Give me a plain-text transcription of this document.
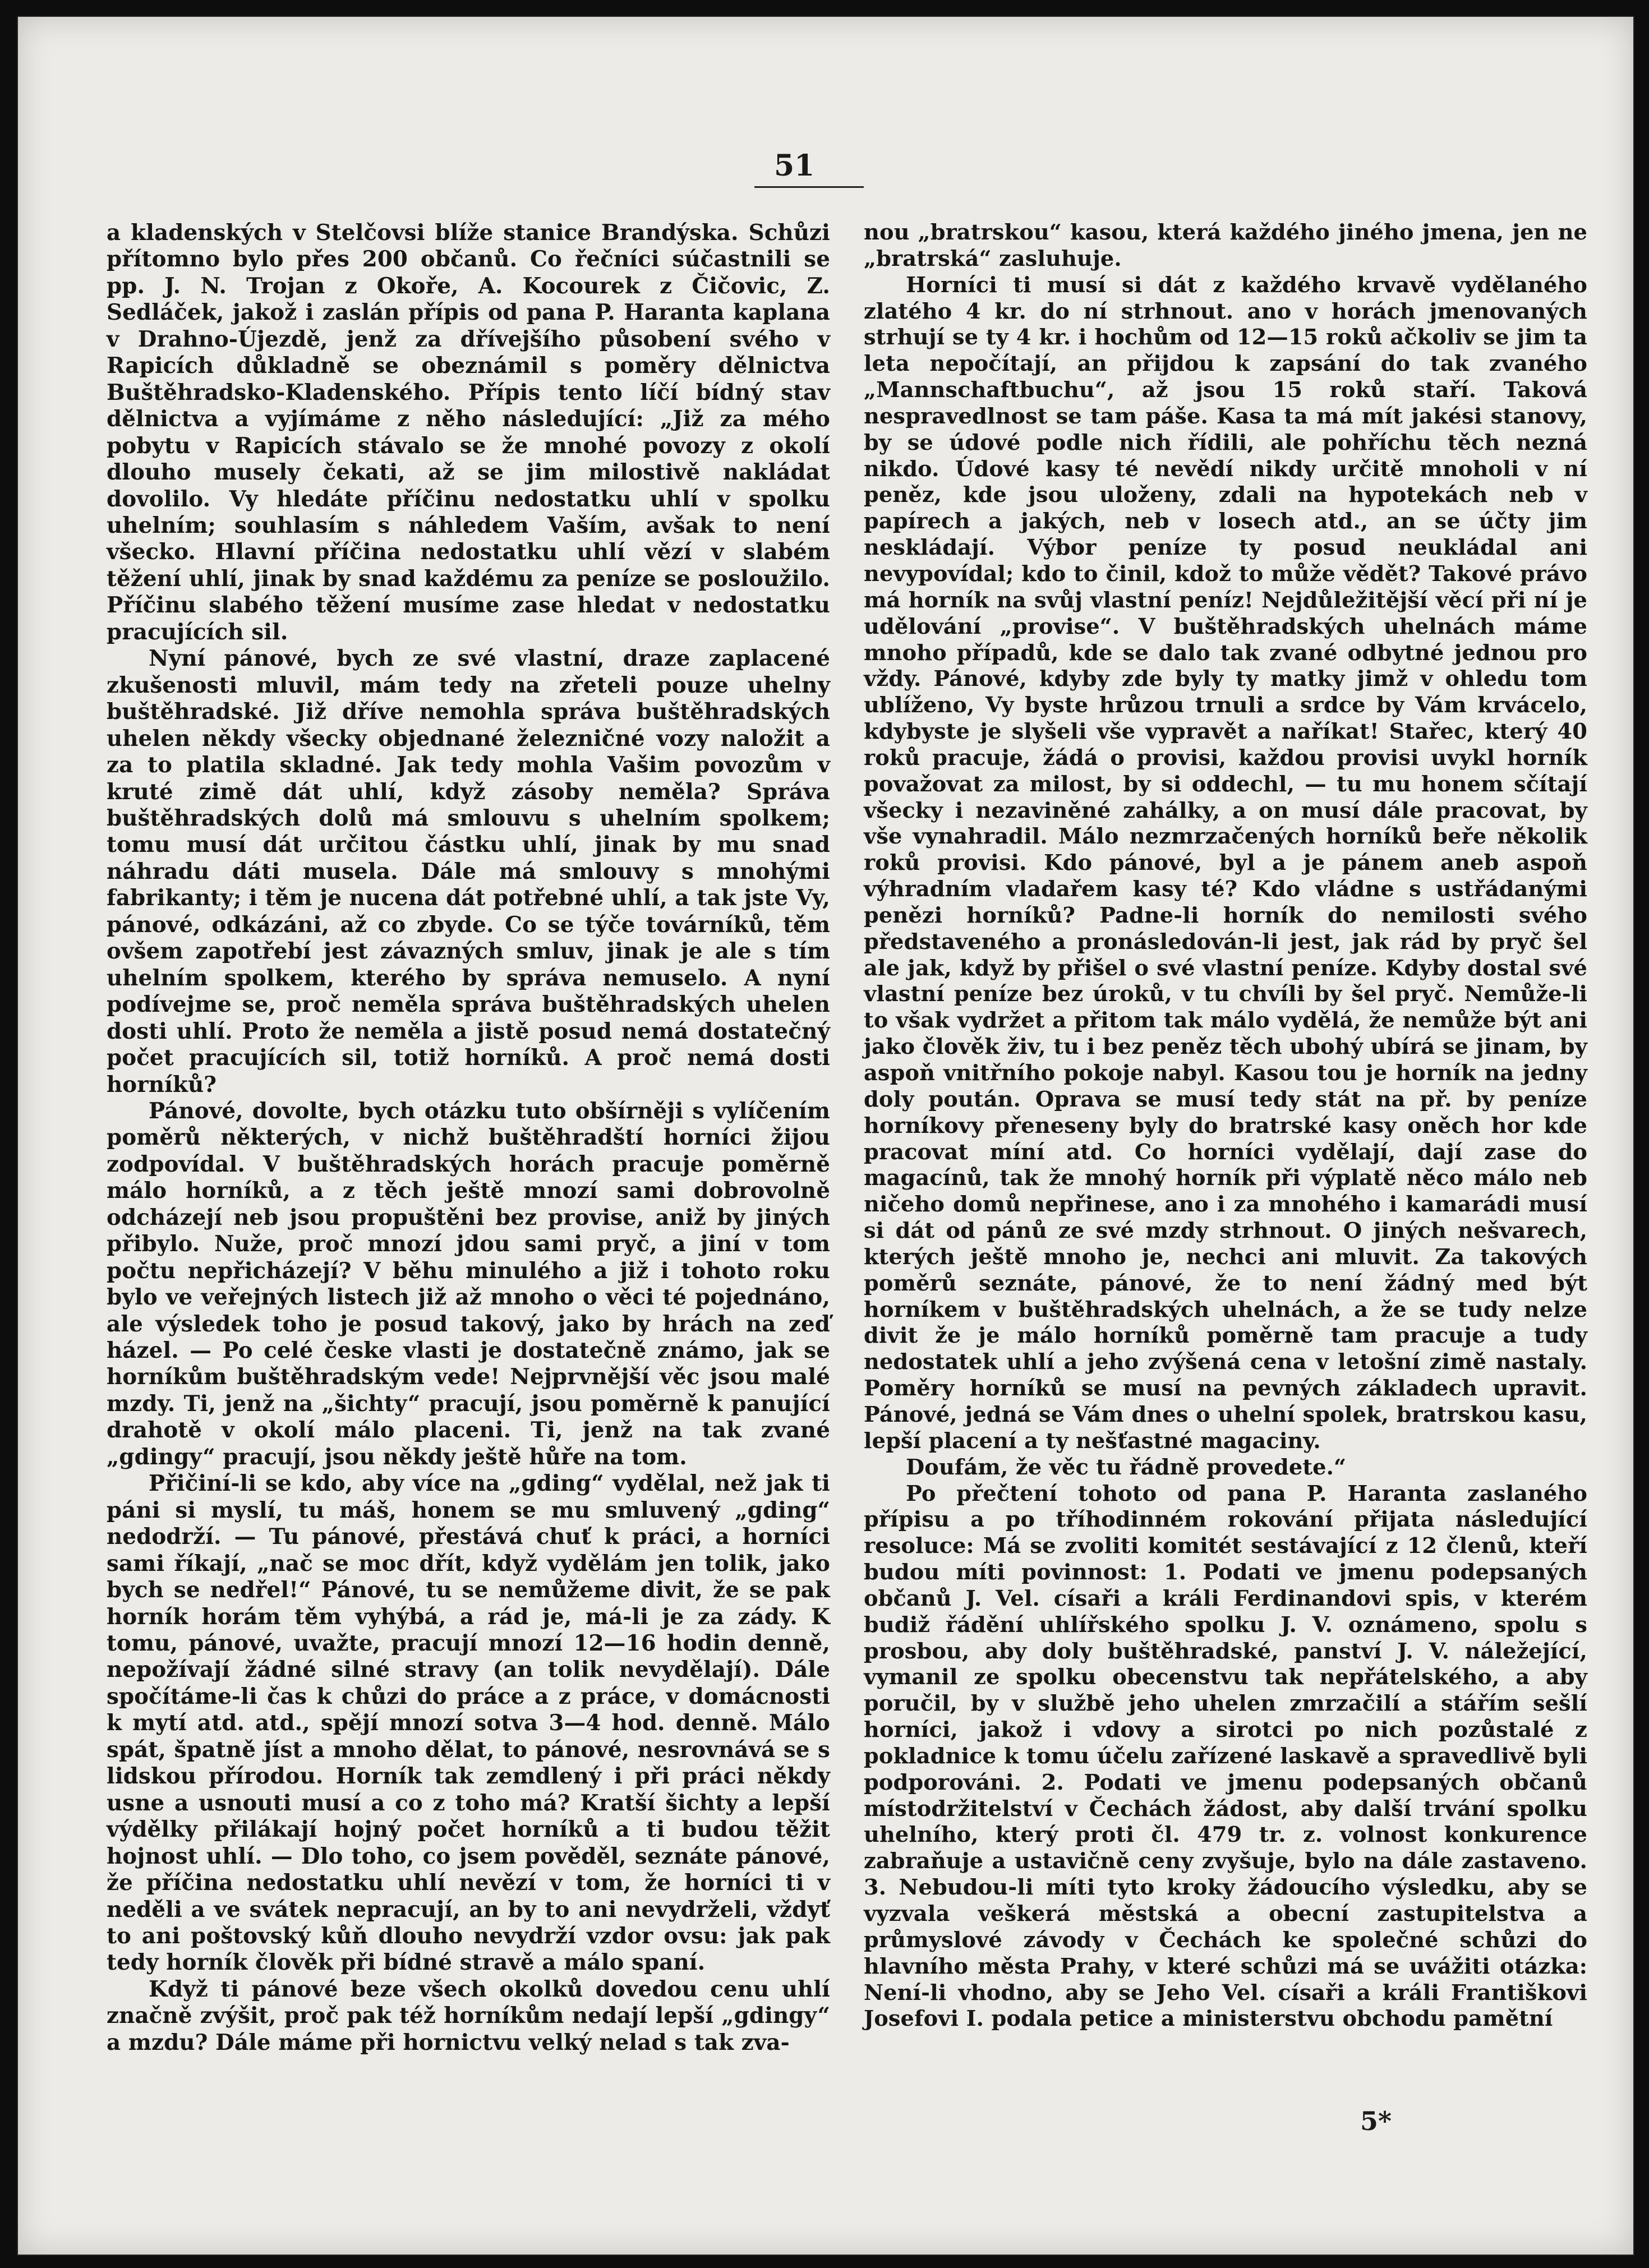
51

a kladenských v Stelčovsi blíže stanice Brandýska. Schůzi přítomno bylo přes 200 občanů. Co řečníci súčastnili se pp. J. N. Trojan z Okoře, A. Kocourek z Čičovic, Z. Sedláček, jakož i zaslán přípis od pana P. Haranta kaplana v Drahno-Újezdě, jenž za dřívejšího působení svého v Rapicích důkladně se obeznámil s poměry dělnictva Buštěhradsko-Kladenského. Přípis tento líčí bídný stav dělnictva a vyjímáme z něho následující: „Již za mého pobytu v Rapicích stávalo se že mnohé povozy z okolí dlouho musely čekati, až se jim milostivě nakládat dovolilo. Vy hledáte příčinu nedostatku uhlí v spolku uhelním; souhlasím s náhledem Vaším, avšak to není všecko. Hlavní příčina nedostatku uhlí vězí v slabém těžení uhlí, jinak by snad každému za peníze se posloužilo. Příčinu slabého těžení musíme zase hledat v nedostatku pracujících sil.

Nyní pánové, bych ze své vlastní, draze zaplacené zkušenosti mluvil, mám tedy na zřeteli pouze uhelny buštěhradské. Již dříve nemohla správa buštěhradských uhelen někdy všecky objednané železničné vozy naložit a za to platila skladné. Jak tedy mohla Vašim povozům v kruté zimě dát uhlí, když zásoby neměla? Správa buštěhradských dolů má smlouvu s uhelním spolkem; tomu musí dát určitou částku uhlí, jinak by mu snad náhradu dáti musela. Dále má smlouvy s mnohými fabrikanty; i těm je nucena dát potřebné uhlí, a tak jste Vy, pánové, odkázáni, až co zbyde. Co se týče továrníků, těm ovšem zapotřebí jest závazných smluv, jinak je ale s tím uhelním spolkem, kterého by správa nemuselo. A nyní podívejme se, proč neměla správa buštěhradských uhelen dosti uhlí. Proto že neměla a jistě posud nemá dostatečný počet pracujících sil, totiž horníků. A proč nemá dosti horníků?

Pánové, dovolte, bych otázku tuto obšírněji s vylíčením poměrů některých, v nichž buštěhradští horníci žijou zodpovídal. V buštěhradských horách pracuje poměrně málo horníků, a z těch ještě mnozí sami dobrovolně odcházejí neb jsou propuštěni bez provise, aniž by jiných přibylo. Nuže, proč mnozí jdou sami pryč, a jiní v tom počtu nepřicházejí? V běhu minulého a již i tohoto roku bylo ve veřejných listech již až mnoho o věci té pojednáno, ale výsledek toho je posud takový, jako by hrách na zeď házel. — Po celé česke vlasti je dostatečně známo, jak se horníkům buštěhradským vede! Nejprvnější věc jsou malé mzdy. Ti, jenž na „šichty“ pracují, jsou poměrně k panující drahotě v okolí málo placeni. Ti, jenž na tak zvané „gdingy“ pracují, jsou někdy ještě hůře na tom.

Přičiní-li se kdo, aby více na „gding“ vydělal, než jak ti páni si myslí, tu máš, honem se mu smluvený „gding“ nedodrží. — Tu pánové, přestává chuť k práci, a horníci sami říkají, „nač se moc dřít, když vydělám jen tolik, jako bych se nedřel!“ Pánové, tu se nemůžeme divit, že se pak horník horám těm vyhýbá, a rád je, má-li je za zády. K tomu, pánové, uvažte, pracují mnozí 12—16 hodin denně, nepožívají žádné silné stravy (an tolik nevydělají). Dále spočítáme-li čas k chůzi do práce a z práce, v domácnosti k mytí atd. atd., spějí mnozí sotva 3—4 hod. denně. Málo spát, špatně jíst a mnoho dělat, to pánové, nesrovnává se s lidskou přírodou. Horník tak zemdlený i při práci někdy usne a usnouti musí a co z toho má? Kratší šichty a lepší výdělky přilákají hojný počet horníků a ti budou těžit hojnost uhlí. — Dlo toho, co jsem pověděl, seznáte pánové, že příčina nedostatku uhlí nevězí v tom, že horníci ti v neděli a ve svátek nepracují, an by to ani nevydrželi, vždyť to ani poštovský kůň dlouho nevydrží vzdor ovsu: jak pak tedy horník člověk při bídné stravě a málo spaní.

Když ti pánové beze všech okolků dovedou cenu uhlí značně zvýšit, proč pak též horníkům nedají lepší „gdingy“ a mzdu? Dále máme při hornictvu velký nelad s tak zva-

nou „bratrskou“ kasou, která každého jiného jmena, jen ne „bratrská“ zasluhuje.

Horníci ti musí si dát z každého krvavě vydělaného zlatého 4 kr. do ní strhnout. ano v horách jmenovaných strhují se ty 4 kr. i hochům od 12—15 roků ačkoliv se jim ta leta nepočítají, an přijdou k zapsání do tak zvaného „Mannschaftbuchu“, až jsou 15 roků staří. Taková nespravedlnost se tam páše. Kasa ta má mít jakési stanovy, by se údové podle nich řídili, ale pohříchu těch nezná nikdo. Údové kasy té nevědí nikdy určitě mnoholi v ní peněz, kde jsou uloženy, zdali na hypotekách neb v papírech a jakých, neb v losech atd., an se účty jim neskládají. Výbor peníze ty posud neukládal ani nevypovídal; kdo to činil, kdož to může vědět? Takové právo má horník na svůj vlastní peníz! Nejdůležitější věcí při ní je udělování „provise“. V buštěhradských uhelnách máme mnoho případů, kde se dalo tak zvané odbytné jednou pro vždy. Pánové, kdyby zde byly ty matky jimž v ohledu tom ublíženo, Vy byste hrůzou trnuli a srdce by Vám krvácelo, kdybyste je slyšeli vše vypravět a naříkat! Stařec, který 40 roků pracuje, žádá o provisi, každou provisi uvykl horník považovat za milost, by si oddechl, — tu mu honem sčítají všecky i nezaviněné zahálky, a on musí dále pracovat, by vše vynahradil. Málo nezmrzačených horníků beře několik roků provisi. Kdo pánové, byl a je pánem aneb aspoň výhradním vladařem kasy té? Kdo vládne s ustřádanými penězi horníků? Padne-li horník do nemilosti svého představeného a pronásledován-li jest, jak rád by pryč šel ale jak, když by přišel o své vlastní peníze. Kdyby dostal své vlastní peníze bez úroků, v tu chvíli by šel pryč. Nemůže-li to však vydržet a přitom tak málo vydělá, že nemůže být ani jako člověk živ, tu i bez peněz těch ubohý ubírá se jinam, by aspoň vnitřního pokoje nabyl. Kasou tou je horník na jedny doly poután. Oprava se musí tedy stát na př. by peníze horníkovy přeneseny byly do bratrské kasy oněch hor kde pracovat míní atd. Co horníci vydělají, dají zase do magacínů, tak že mnohý horník při výplatě něco málo neb ničeho domů nepřinese, ano i za mnohého i kamarádi musí si dát od pánů ze své mzdy strhnout. O jiných nešvarech, kterých ještě mnoho je, nechci ani mluvit. Za takových poměrů seznáte, pánové, že to není žádný med být horníkem v buštěhradských uhelnách, a že se tudy nelze divit že je málo horníků poměrně tam pracuje a tudy nedostatek uhlí a jeho zvýšená cena v letošní zimě nastaly. Poměry horníků se musí na pevných základech upravit. Pánové, jedná se Vám dnes o uhelní spolek, bratrskou kasu, lepší placení a ty nešťastné magaciny.

Doufám, že věc tu řádně provedete.“

Po přečtení tohoto od pana P. Haranta zaslaného přípisu a po tříhodinném rokování přijata následující resoluce: Má se zvoliti komitét sestávající z 12 členů, kteří budou míti povinnost: 1. Podati ve jmenu podepsaných občanů J. Vel. císaři a králi Ferdinandovi spis, v kterém budiž řádění uhlířského spolku J. V. oznámeno, spolu s prosbou, aby doly buštěhradské, panství J. V. náležející, vymanil ze spolku obecenstvu tak nepřátelského, a aby poručil, by v službě jeho uhelen zmrzačilí a stářím sešlí horníci, jakož i vdovy a sirotci po nich pozůstalé z pokladnice k tomu účelu zařízené laskavě a spravedlivě byli podporováni. 2. Podati ve jmenu podepsaných občanů místodržitelství v Čechách žádost, aby další trvání spolku uhelního, který proti čl. 479 tr. z. volnost konkurence zabraňuje a ustavičně ceny zvyšuje, bylo na dále zastaveno. 3. Nebudou-li míti tyto kroky žádoucího výsledku, aby se vyzvala veškerá městská a obecní zastupitelstva a průmyslové závody v Čechách ke společné schůzi do hlavního města Prahy, v které schůzi má se uvážiti otázka: Není-li vhodno, aby se Jeho Vel. císaři a králi Františkovi Josefovi I. podala petice a ministerstvu obchodu pamětní

5*
